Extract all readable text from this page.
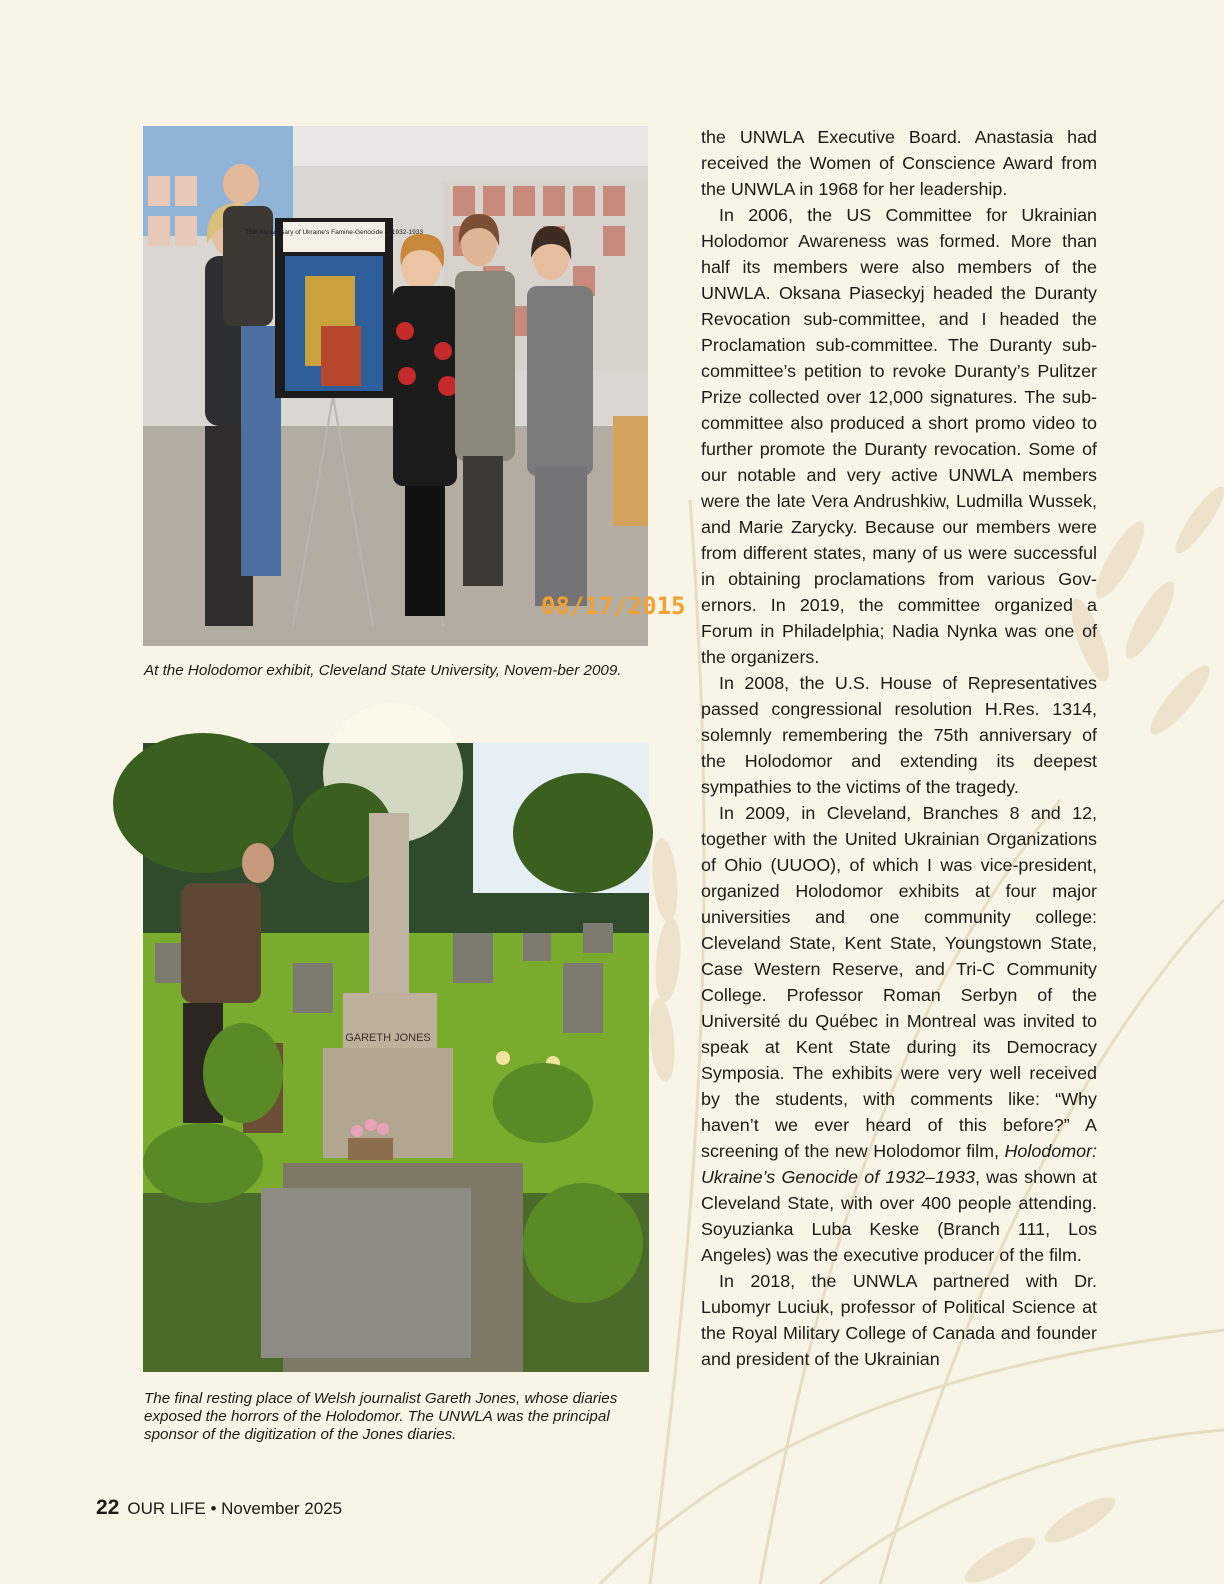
75th Anniversary of Ukraine's Famine-Genocide of 1932-1933
08/17/2015

At the Holodomor exhibit, Cleveland State University, Novem-ber 2009.

GARETH JONES

The final resting place of Welsh journalist Gareth Jones, whose diaries exposed the horrors of the Holodomor. The UNWLA was the principal sponsor of the digitization of the Jones diaries.

the UNWLA Executive Board. Anastasia had received the Women of Conscience Award from the UNWLA in 1968 for her leadership.

In 2006, the US Committee for Ukrainian Holodomor Awareness was formed. More than half its members were also members of the UNWLA. Oksana Piaseckyj headed the Duranty Revocation sub-committee, and I headed the Proclamation sub-committee. The Duranty sub-committee’s petition to revoke Duranty’s Pulitzer Prize collected over 12,000 signatures. The sub-committee also produced a short promo video to further promote the Duranty revocation. Some of our notable and very active UNWLA members were the late Vera Andrushkiw, Ludmilla Wussek, and Marie Zarycky. Because our members were from different states, many of us were successful in obtaining proclamations from various Governors. In 2019, the committee organized a Forum in Philadelphia; Nadia Nynka was one of the organizers.

In 2008, the U.S. House of Representatives passed congressional resolution H.Res. 1314, solemnly remembering the 75th anniversary of the Holodomor and extending its deepest sympathies to the victims of the tragedy.

In 2009, in Cleveland, Branches 8 and 12, together with the United Ukrainian Organizations of Ohio (UUOO), of which I was vice-president, organized Holodomor exhibits at four major universities and one community college: Cleveland State, Kent State, Youngstown State, Case Western Reserve, and Tri-C Community College. Professor Roman Serbyn of the Université du Québec in Montreal was invited to speak at Kent State during its Democracy Symposia. The exhibits were very well received by the students, with comments like: “Why haven’t we ever heard of this before?” A screening of the new Holodomor film, Holodomor: Ukraine’s Genocide of 1932–1933, was shown at Cleveland State, with over 400 people attending. Soyuzianka Luba Keske (Branch 111, Los Angeles) was the executive producer of the film.

In 2018, the UNWLA partnered with Dr. Lubomyr Luciuk, professor of Political Science at the Royal Military College of Canada and founder and president of the Ukrainian

22 OUR LIFE • November 2025
